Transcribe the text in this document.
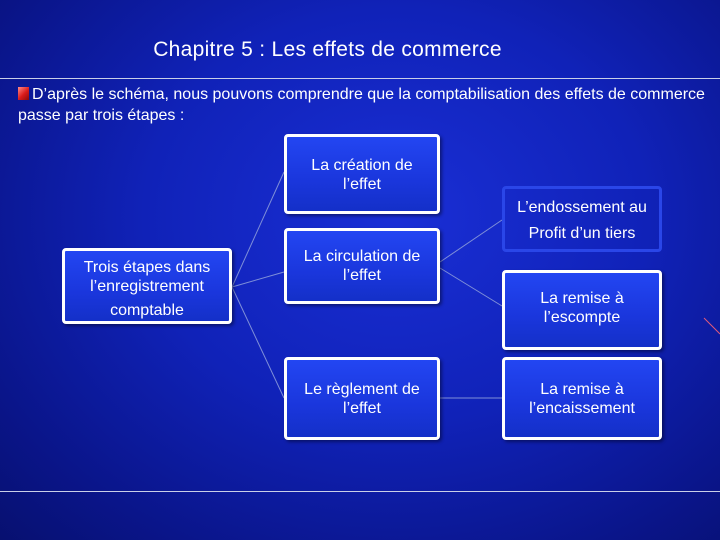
Chapitre 5 : Les effets de commerce
D’après le schéma, nous pouvons comprendre que la comptabilisation des effets de commerce passe par trois étapes :
Trois étapes dans l’enregistrement
comptable
La création de l’effet
La circulation de l’effet
Le règlement de l’effet
L’endossement au Profit d’un tiers
La remise à l’escompte
La remise à l’encaissement
